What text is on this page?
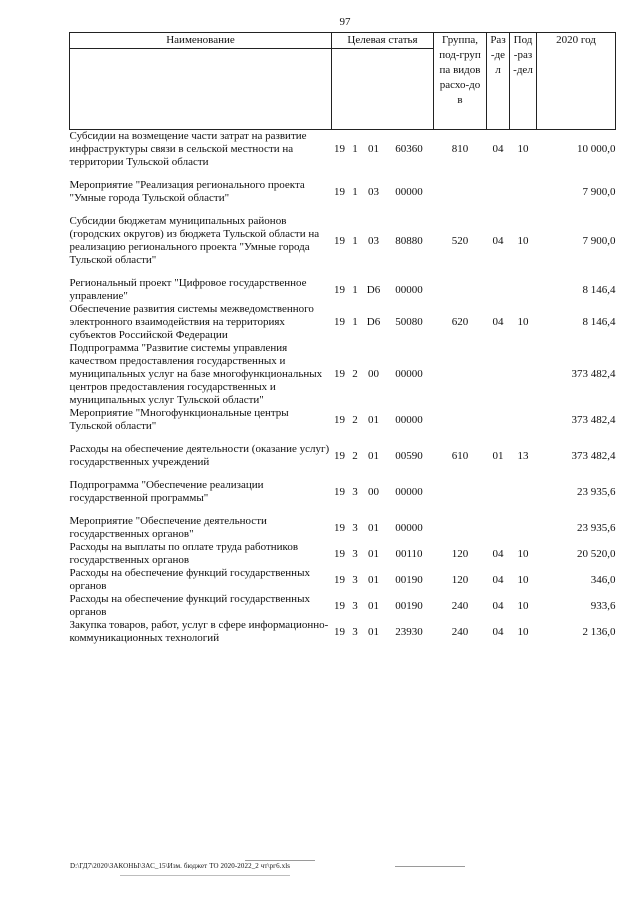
97
Наименование	Целевая статья				Группа, под-группа видов расхо-дов	Раз-дел	Под-раз-дел	2020 год

Субсидии на возмещение части затрат на развитие инфраструктуры связи в сельской местности на территории Тульской области	19	1	01	60360	810	04	10	10 000,0

Мероприятие "Реализация регионального проекта "Умные города Тульской области"	19	1	03	00000				7 900,0

Субсидии бюджетам муниципальных районов (городских округов) из бюджета Тульской области на реализацию регионального проекта "Умные города Тульской области"	19	1	03	80880	520	04	10	7 900,0

Региональный проект "Цифровое государственное управление"	19	1	D6	00000				8 146,4
Обеспечение развития системы межведомственного электронного взаимодействия на территориях субъектов Российской Федерации	19	1	D6	50080	620	04	10	8 146,4
Подпрограмма "Развитие системы управления качеством предоставления государственных и муниципальных услуг на базе многофункциональных центров предоставления государственных и муниципальных услуг Тульской области"	19	2	00	00000				373 482,4
Мероприятие "Многофункциональные центры Тульской области"	19	2	01	00000				373 482,4

Расходы на обеспечение деятельности (оказание услуг) государственных учреждений	19	2	01	00590	610	01	13	373 482,4

Подпрограмма "Обеспечение реализации государственной программы"	19	3	00	00000				23 935,6

Мероприятие "Обеспечение деятельности государственных органов"	19	3	01	00000				23 935,6
Расходы на выплаты по оплате труда работников государственных органов	19	3	01	00110	120	04	10	20 520,0
Расходы на обеспечение функций государственных органов	19	3	01	00190	120	04	10	346,0
Расходы на обеспечение функций государственных органов	19	3	01	00190	240	04	10	933,6
Закупка товаров, работ, услуг в сфере информационно-коммуникационных технологий	19	3	01	23930	240	04	10	2 136,0
D:\ГД7\2020\ЗАКОНЫ\ЗАС_15\Изм. бюджет ТО 2020-2022_2 чт\рг6.xls
